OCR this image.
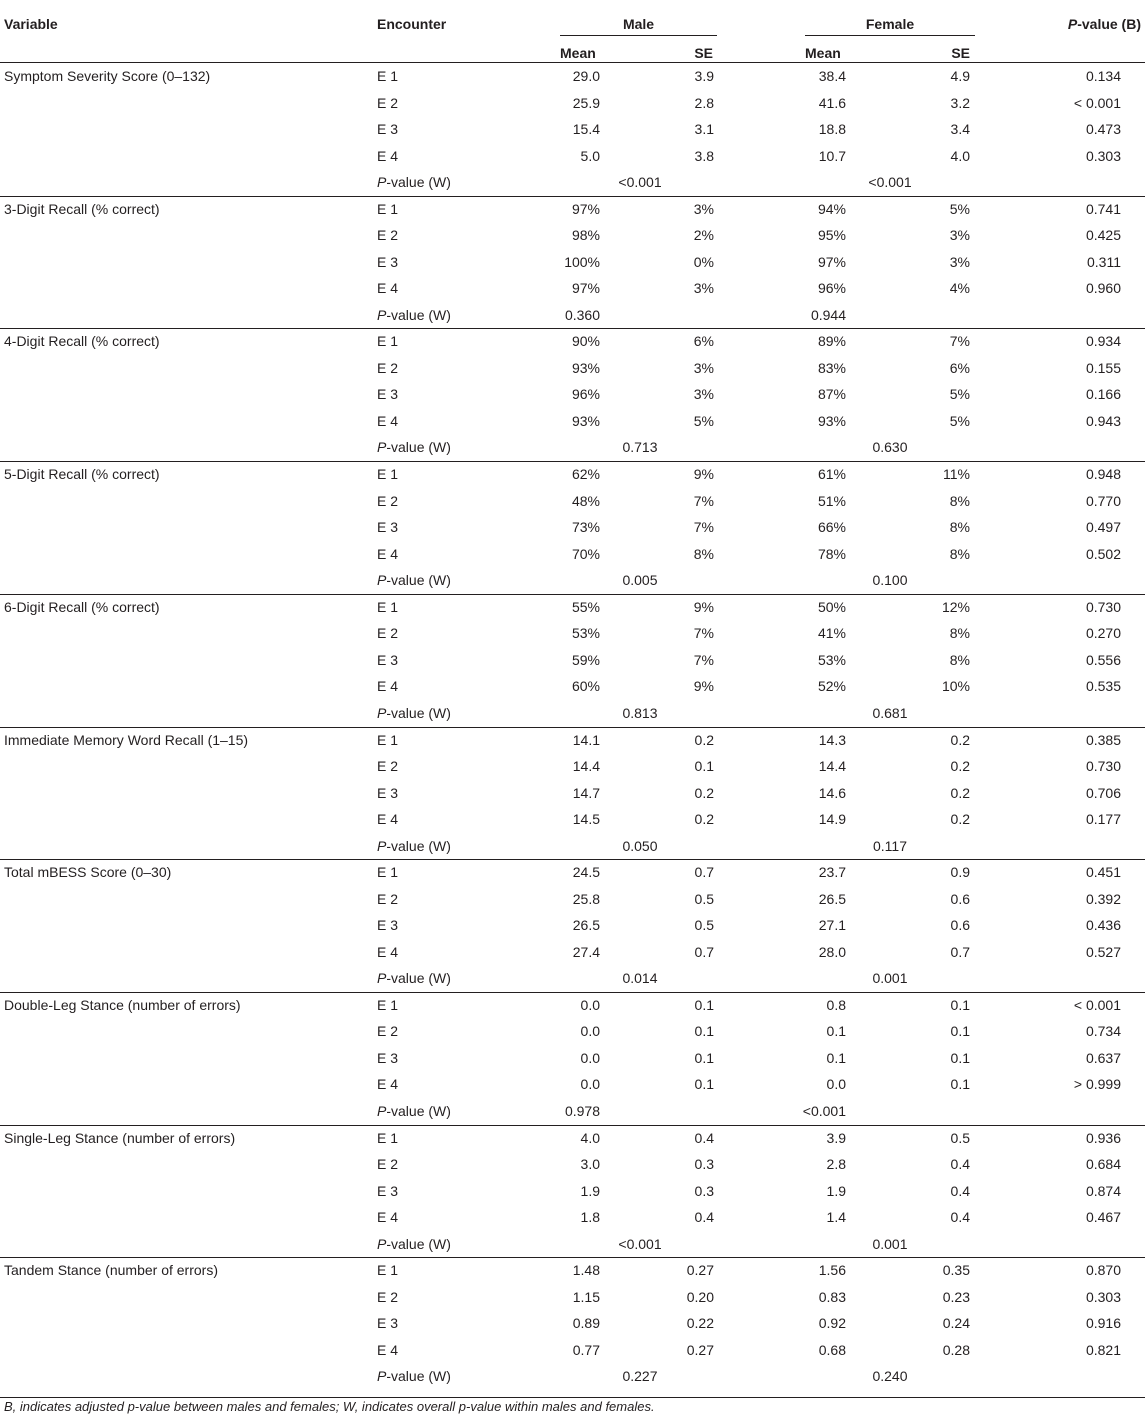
Variable	Encounter	Male	Female	P-value (B)
Mean	SE	Mean	SE
Symptom Severity Score (0–132)	E 1	29.0	3.9	38.4	4.9	0.134
E 2	25.9	2.8	41.6	3.2	< 0.001
E 3	15.4	3.1	18.8	3.4	0.473
E 4	5.0	3.8	10.7	4.0	0.303
P-value (W)	<0.001	<0.001
3-Digit Recall (% correct)	E 1	97%	3%	94%	5%	0.741
E 2	98%	2%	95%	3%	0.425
E 3	100%	0%	97%	3%	0.311
E 4	97%	3%	96%	4%	0.960
P-value (W)	0.360	0.944
4-Digit Recall (% correct)	E 1	90%	6%	89%	7%	0.934
E 2	93%	3%	83%	6%	0.155
E 3	96%	3%	87%	5%	0.166
E 4	93%	5%	93%	5%	0.943
P-value (W)	0.713	0.630
5-Digit Recall (% correct)	E 1	62%	9%	61%	11%	0.948
E 2	48%	7%	51%	8%	0.770
E 3	73%	7%	66%	8%	0.497
E 4	70%	8%	78%	8%	0.502
P-value (W)	0.005	0.100
6-Digit Recall (% correct)	E 1	55%	9%	50%	12%	0.730
E 2	53%	7%	41%	8%	0.270
E 3	59%	7%	53%	8%	0.556
E 4	60%	9%	52%	10%	0.535
P-value (W)	0.813	0.681
Immediate Memory Word Recall (1–15)	E 1	14.1	0.2	14.3	0.2	0.385
E 2	14.4	0.1	14.4	0.2	0.730
E 3	14.7	0.2	14.6	0.2	0.706
E 4	14.5	0.2	14.9	0.2	0.177
P-value (W)	0.050	0.117
Total mBESS Score (0–30)	E 1	24.5	0.7	23.7	0.9	0.451
E 2	25.8	0.5	26.5	0.6	0.392
E 3	26.5	0.5	27.1	0.6	0.436
E 4	27.4	0.7	28.0	0.7	0.527
P-value (W)	0.014	0.001
Double-Leg Stance (number of errors)	E 1	0.0	0.1	0.8	0.1	< 0.001
E 2	0.0	0.1	0.1	0.1	0.734
E 3	0.0	0.1	0.1	0.1	0.637
E 4	0.0	0.1	0.0	0.1	> 0.999
P-value (W)	0.978	<0.001
Single-Leg Stance (number of errors)	E 1	4.0	0.4	3.9	0.5	0.936
E 2	3.0	0.3	2.8	0.4	0.684
E 3	1.9	0.3	1.9	0.4	0.874
E 4	1.8	0.4	1.4	0.4	0.467
P-value (W)	<0.001	0.001
Tandem Stance (number of errors)	E 1	1.48	0.27	1.56	0.35	0.870
E 2	1.15	0.20	0.83	0.23	0.303
E 3	0.89	0.22	0.92	0.24	0.916
E 4	0.77	0.27	0.68	0.28	0.821
P-value (W)	0.227	0.240
B, indicates adjusted p-value between males and females; W, indicates overall p-value within males and females.
